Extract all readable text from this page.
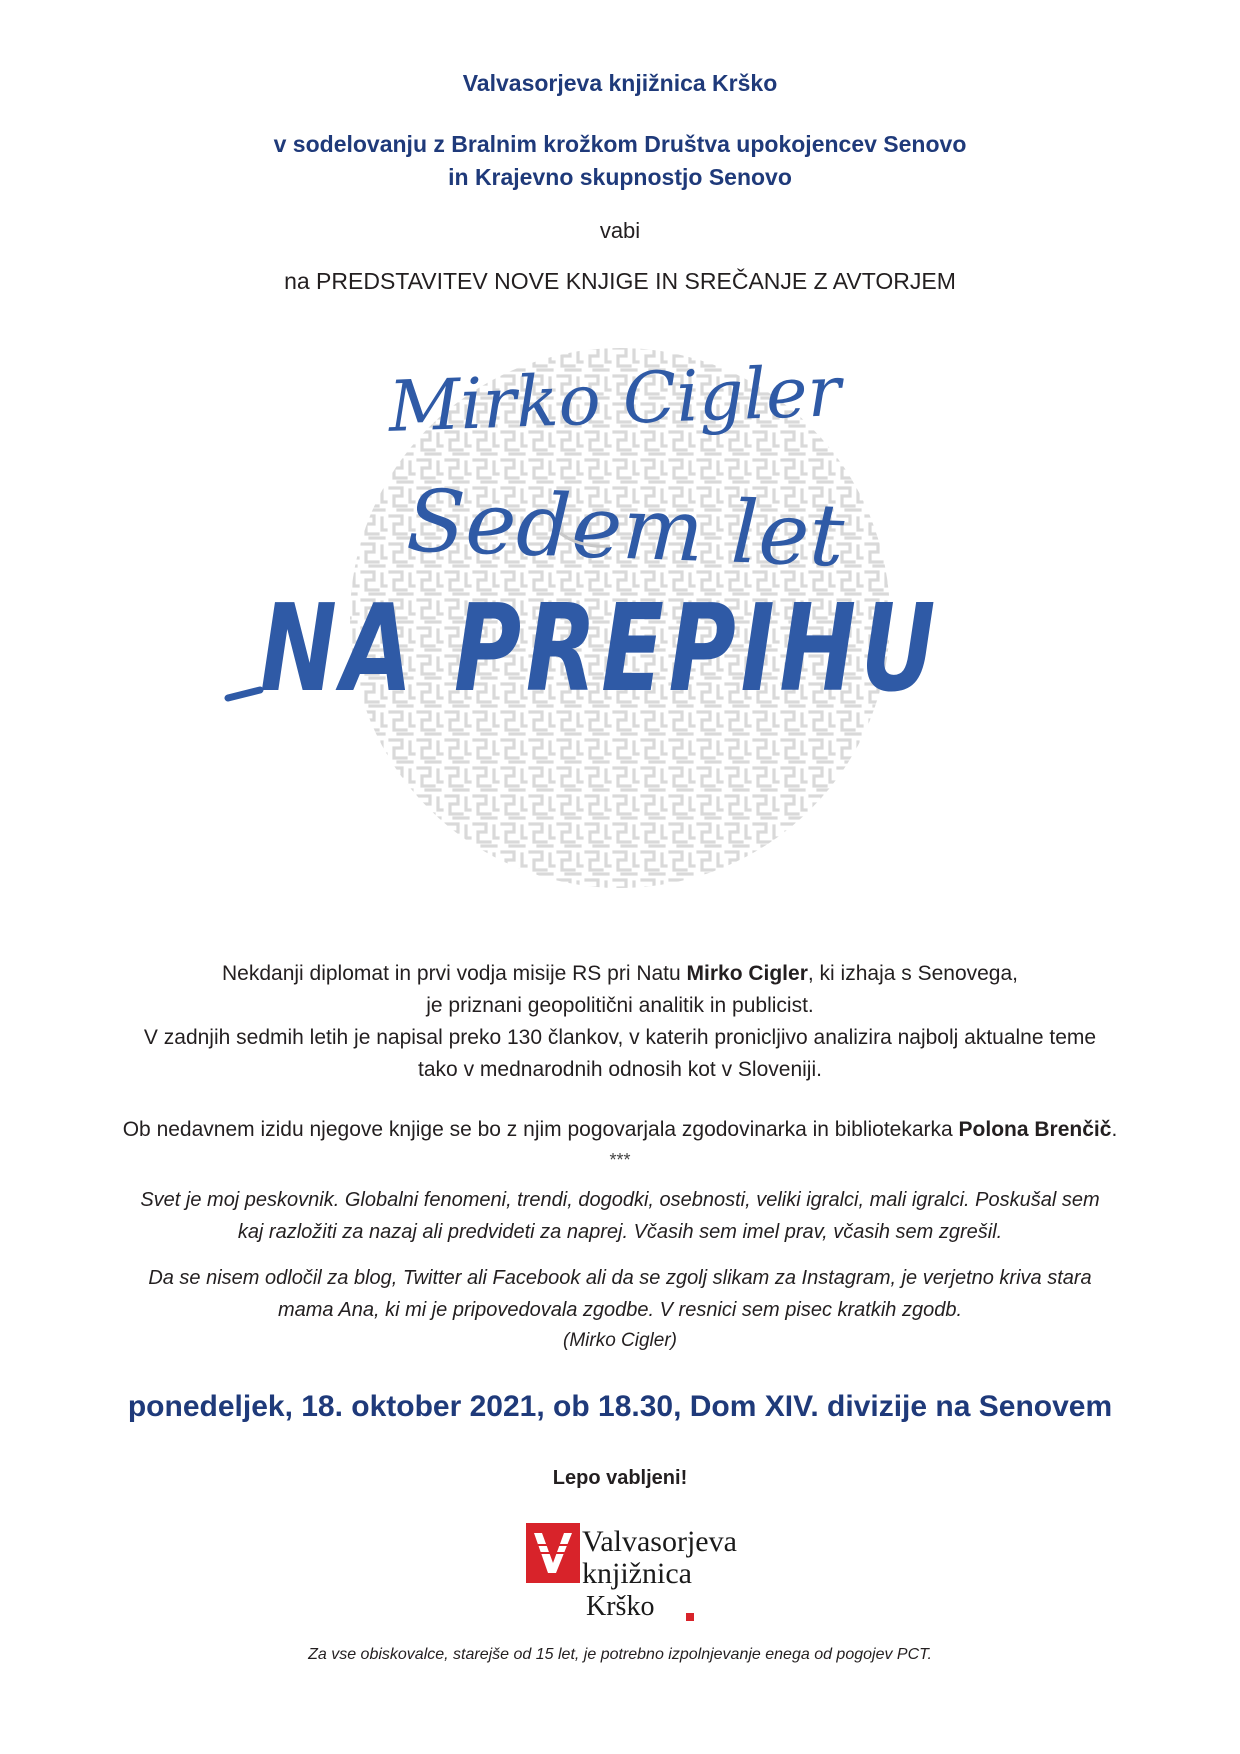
Valvasorjeva knjižnica Krško
v sodelovanju z Bralnim krožkom Društva upokojencev Senovo
in Krajevno skupnostjo Senovo
vabi
na PREDSTAVITEV NOVE KNJIGE IN SREČANJE Z AVTORJEM
Mirko Cigler
Sedem let
NA PREPIHU
Nekdanji diplomat in prvi vodja misije RS pri Natu Mirko Cigler, ki izhaja s Senovega,
je priznani geopolitični analitik in publicist.
V zadnjih sedmih letih je napisal preko 130 člankov, v katerih pronicljivo analizira najbolj aktualne teme
tako v mednarodnih odnosih kot v Sloveniji.
Ob nedavnem izidu njegove knjige se bo z njim pogovarjala zgodovinarka in bibliotekarka Polona Brenčič.
***

Svet je moj peskovnik. Globalni fenomeni, trendi, dogodki, osebnosti, veliki igralci, mali igralci. Poskušal sem
kaj razložiti za nazaj ali predvideti za naprej. Včasih sem imel prav, včasih sem zgrešil.

Da se nisem odločil za blog, Twitter ali Facebook ali da se zgolj slikam za Instagram, je verjetno kriva stara
mama Ana, ki mi je pripovedovala zgodbe. V resnici sem pisec kratkih zgodb.

(Mirko Cigler)
ponedeljek, 18. oktober 2021, ob 18.30, Dom XIV. divizije na Senovem
Lepo vabljeni!
Valvasorjeva
knjižnica
Krško
Za vse obiskovalce, starejše od 15 let, je potrebno izpolnjevanje enega od pogojev PCT.
